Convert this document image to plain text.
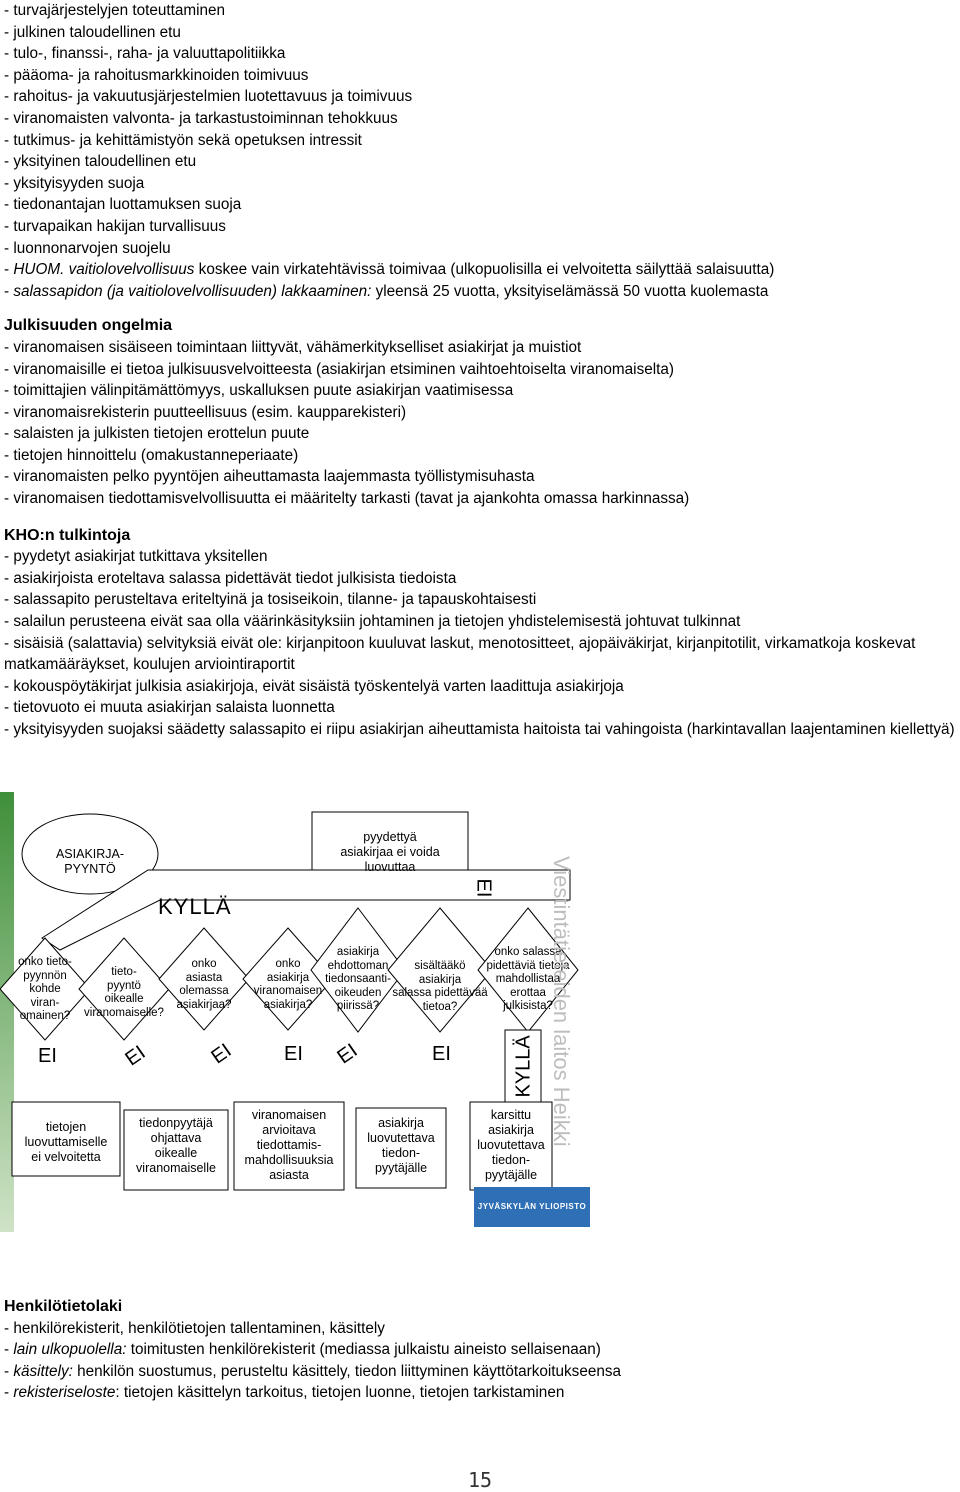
- turvajärjestelyjen toteuttaminen
- julkinen taloudellinen etu
- tulo-, finanssi-, raha- ja valuuttapolitiikka
- pääoma- ja rahoitusmarkkinoiden toimivuus
- rahoitus- ja vakuutusjärjestelmien luotettavuus ja toimivuus
- viranomaisten valvonta- ja tarkastustoiminnan tehokkuus
- tutkimus- ja kehittämistyön sekä opetuksen intressit
- yksityinen taloudellinen etu
- yksityisyyden suoja
- tiedonantajan luottamuksen suoja
- turvapaikan hakijan turvallisuus
- luonnonarvojen suojelu
- HUOM. vaitiolovelvollisuus koskee vain virkatehtävissä toimivaa (ulkopuolisilla ei velvoitetta säilyttää salaisuutta)
- salassapidon (ja vaitiolovelvollisuuden) lakkaaminen: yleensä 25 vuotta, yksityiselämässä 50 vuotta kuolemasta
Julkisuuden ongelmia
- viranomaisen sisäiseen toimintaan liittyvät, vähämerkitykselliset asiakirjat ja muistiot
- viranomaisille ei tietoa julkisuusvelvoitteesta (asiakirjan etsiminen vaihtoehtoiselta viranomaiselta)
- toimittajien välinpitämättömyys, uskalluksen puute asiakirjan vaatimisessa
- viranomaisrekisterin puutteellisuus (esim. kaupparekisteri)
- salaisten ja julkisten tietojen erottelun puute
- tietojen hinnoittelu (omakustanneperiaate)
- viranomaisten pelko pyyntöjen aiheuttamasta laajemmasta työllistymisuhasta
- viranomaisen tiedottamisvelvollisuutta ei määritelty tarkasti (tavat ja ajankohta omassa harkinnassa)
KHO:n tulkintoja
- pyydetyt asiakirjat tutkittava yksitellen
- asiakirjoista eroteltava salassa pidettävät tiedot julkisista tiedoista
- salassapito perusteltava eriteltyinä ja tosiseikoin, tilanne- ja tapauskohtaisesti
- salailun perusteena eivät saa olla väärinkäsityksiin johtaminen ja tietojen yhdistelemisestä johtuvat tulkinnat
- sisäisiä (salattavia) selvityksiä eivät ole: kirjanpitoon kuuluvat laskut, menotositteet, ajopäiväkirjat, kirjanpitotilit, virkamatkoja koskevat matkamääräykset, koulujen arviointiraportit
- kokouspöytäkirjat julkisia asiakirjoja, eivät sisäistä työskentelyä varten laadittuja asiakirjoja
- tietovuoto ei muuta asiakirjan salaista luonnetta
- yksityisyyden suojaksi säädetty salassapito ei riipu asiakirjan aiheuttamista haitoista tai vahingoista (harkintavallan laajentaminen kiellettyä)
ASIAKIRJA-
PYYNTÖ
pyydettyä
asiakirjaa ei voida
luovuttaa
KYLLÄ
EI
onko tieto-
pyynnön
kohde
viran-
omainen?
tieto-
pyyntö
oikealle
viranomaiselle?
onko
asiasta
olemassa
asiakirjaa?
onko
asiakirja
viranomaisen
asiakirja?
asiakirja
ehdottoman
tiedonsaanti-
oikeuden
piirissä?
sisältääkö
asiakirja
salassa pidettävää
tietoa?
onko salassa
pidettäviä tietoja
mahdollistaa
erottaa
julkisista?
EI	EI	EI EI EI	EI	KYLLÄ
tietojen
luovuttamiselle
ei velvoitetta
tiedonpyytäjä
ohjattava
oikealle
viranomaiselle
viranomaisen
arvioitava
tiedottamis-
mahdollisuuksia
asiasta
asiakirja
luovutettava
tiedon-
pyytäjälle
karsittu
asiakirja
luovutettava
tiedon-
pyytäjälle
Viestintätieteiden laitos Heikki
JYVÄSKYLÄN YLIOPISTO
Henkilötietolaki
- henkilörekisterit, henkilötietojen tallentaminen, käsittely
- lain ulkopuolella: toimitusten henkilörekisterit (mediassa julkaistu aineisto sellaisenaan)
- käsittely: henkilön suostumus, perusteltu käsittely, tiedon liittyminen käyttötarkoitukseensa
- rekisteriseloste: tietojen käsittelyn tarkoitus, tietojen luonne, tietojen tarkistaminen
15
